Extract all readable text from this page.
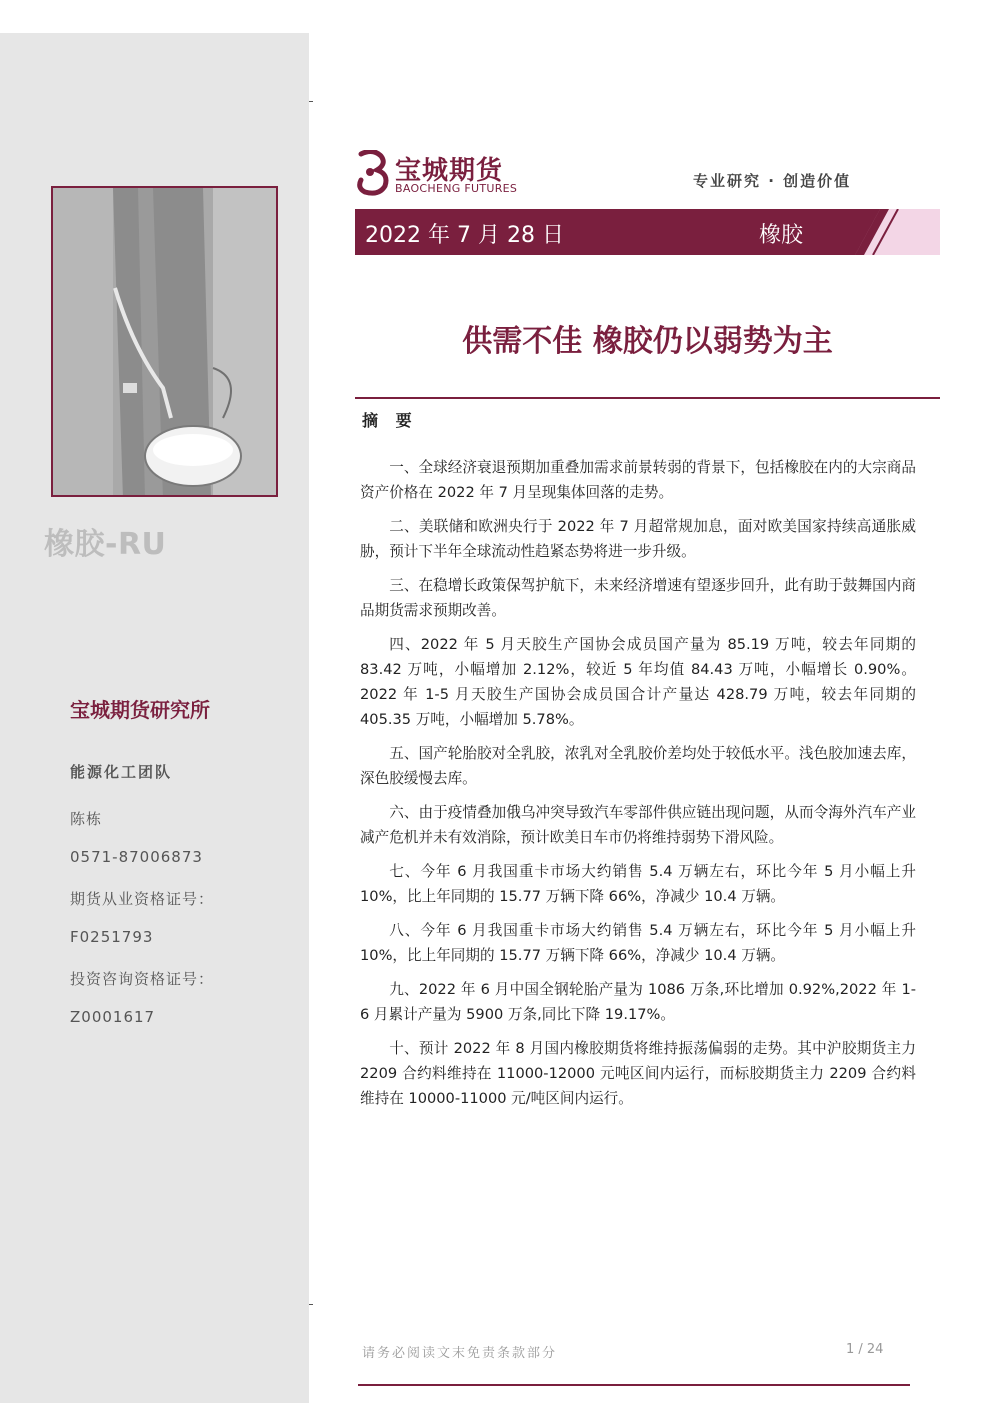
橡胶-RU
宝城期货研究所
能源化工团队
陈栋
0571-87006873
期货从业资格证号：
F0251793
投资咨询资格证号：
Z0001617
宝城期货
BAOCHENG FUTURES	专业研究 · 创造价值
2022 年 7 月 28 日	橡胶
供需不佳 橡胶仍以弱势为主
摘 要

一、全球经济衰退预期加重叠加需求前景转弱的背景下，包括橡胶在内的大宗商品资产价格在 2022 年 7 月呈现集体回落的走势。

二、美联储和欧洲央行于 2022 年 7 月超常规加息，面对欧美国家持续高通胀威胁，预计下半年全球流动性趋紧态势将进一步升级。

三、在稳增长政策保驾护航下，未来经济增速有望逐步回升，此有助于鼓舞国内商品期货需求预期改善。

四、2022 年 5 月天胶生产国协会成员国产量为 85.19 万吨，较去年同期的 83.42 万吨，小幅增加 2.12%，较近 5 年均值 84.43 万吨，小幅增长 0.90%。2022 年 1-5 月天胶生产国协会成员国合计产量达 428.79 万吨，较去年同期的 405.35 万吨，小幅增加 5.78%。

五、国产轮胎胶对全乳胶，浓乳对全乳胶价差均处于较低水平。浅色胶加速去库，深色胶缓慢去库。

六、由于疫情叠加俄乌冲突导致汽车零部件供应链出现问题，从而令海外汽车产业减产危机并未有效消除，预计欧美日车市仍将维持弱势下滑风险。

七、今年 6 月我国重卡市场大约销售 5.4 万辆左右，环比今年 5 月小幅上升 10%，比上年同期的 15.77 万辆下降 66%，净减少 10.4 万辆。

八、今年 6 月我国重卡市场大约销售 5.4 万辆左右，环比今年 5 月小幅上升 10%，比上年同期的 15.77 万辆下降 66%，净减少 10.4 万辆。

九、2022 年 6 月中国全钢轮胎产量为 1086 万条,环比增加 0.92%,2022 年 1-6 月累计产量为 5900 万条,同比下降 19.17%。

十、预计 2022 年 8 月国内橡胶期货将维持振荡偏弱的走势。其中沪胶期货主力 2209 合约料维持在 11000-12000 元吨区间内运行，而标胶期货主力 2209 合约料维持在 10000-11000 元/吨区间内运行。

请务必阅读文末免责条款部分	1 / 24
